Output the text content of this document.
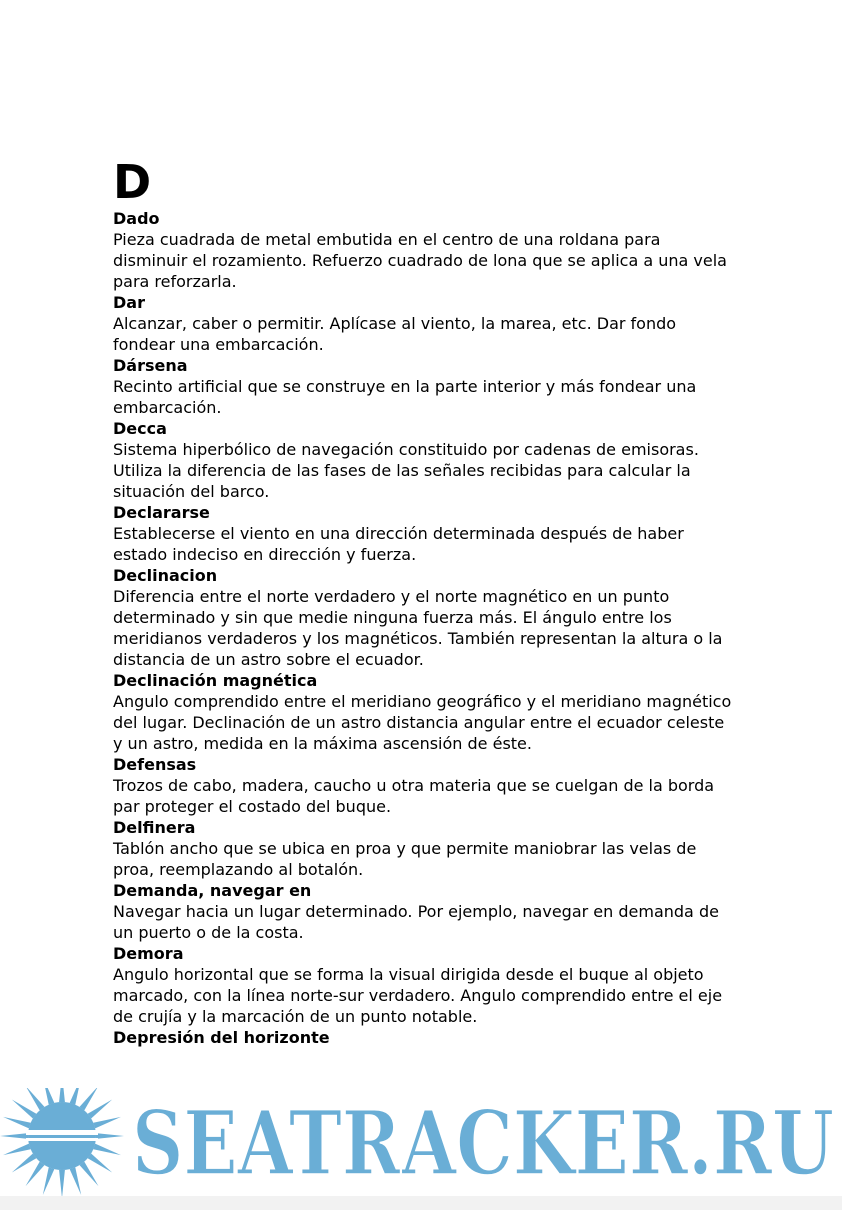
D
Dado
Pieza cuadrada de metal embutida en el centro de una roldana para disminuir el rozamiento. Refuerzo cuadrado de lona que se aplica a una vela para reforzarla.
Dar
Alcanzar, caber o permitir. Aplícase al viento, la marea, etc. Dar fondo fondear una embarcación.
Dársena
Recinto artificial que se construye en la parte interior y más fondear una embarcación.
Decca
Sistema hiperbólico de navegación constituido por cadenas de emisoras. Utiliza la diferencia de las fases de las señales recibidas para calcular la situación del barco.
Declararse
Establecerse el viento en una dirección determinada después de haber estado indeciso en dirección y fuerza.
Declinacion
Diferencia entre el norte verdadero y el norte magnético en un punto determinado y sin que medie ninguna fuerza más. El ángulo entre los meridianos verdaderos y los magnéticos. También representan la altura o la distancia de un astro sobre el ecuador.
Declinación magnética
Angulo comprendido entre el meridiano geográfico y el meridiano magnético del lugar. Declinación de un astro distancia angular entre el ecuador celeste y un astro, medida en la máxima ascensión de éste.
Defensas
Trozos de cabo, madera, caucho u otra materia que se cuelgan de la borda par proteger el costado del buque.
Delfinera
Tablón ancho que se ubica en proa y que permite maniobrar las velas de proa, reemplazando al botalón.
Demanda, navegar en
Navegar hacia un lugar determinado. Por ejemplo, navegar en demanda de un puerto o de la costa.
Demora
Angulo horizontal que se forma la visual dirigida desde el buque al objeto marcado, con la línea norte-sur verdadero. Angulo comprendido entre el eje de crujía y la marcación de un punto notable.
Depresión del horizonte
SEATRACKER.RU
SEATRACKER.RU
